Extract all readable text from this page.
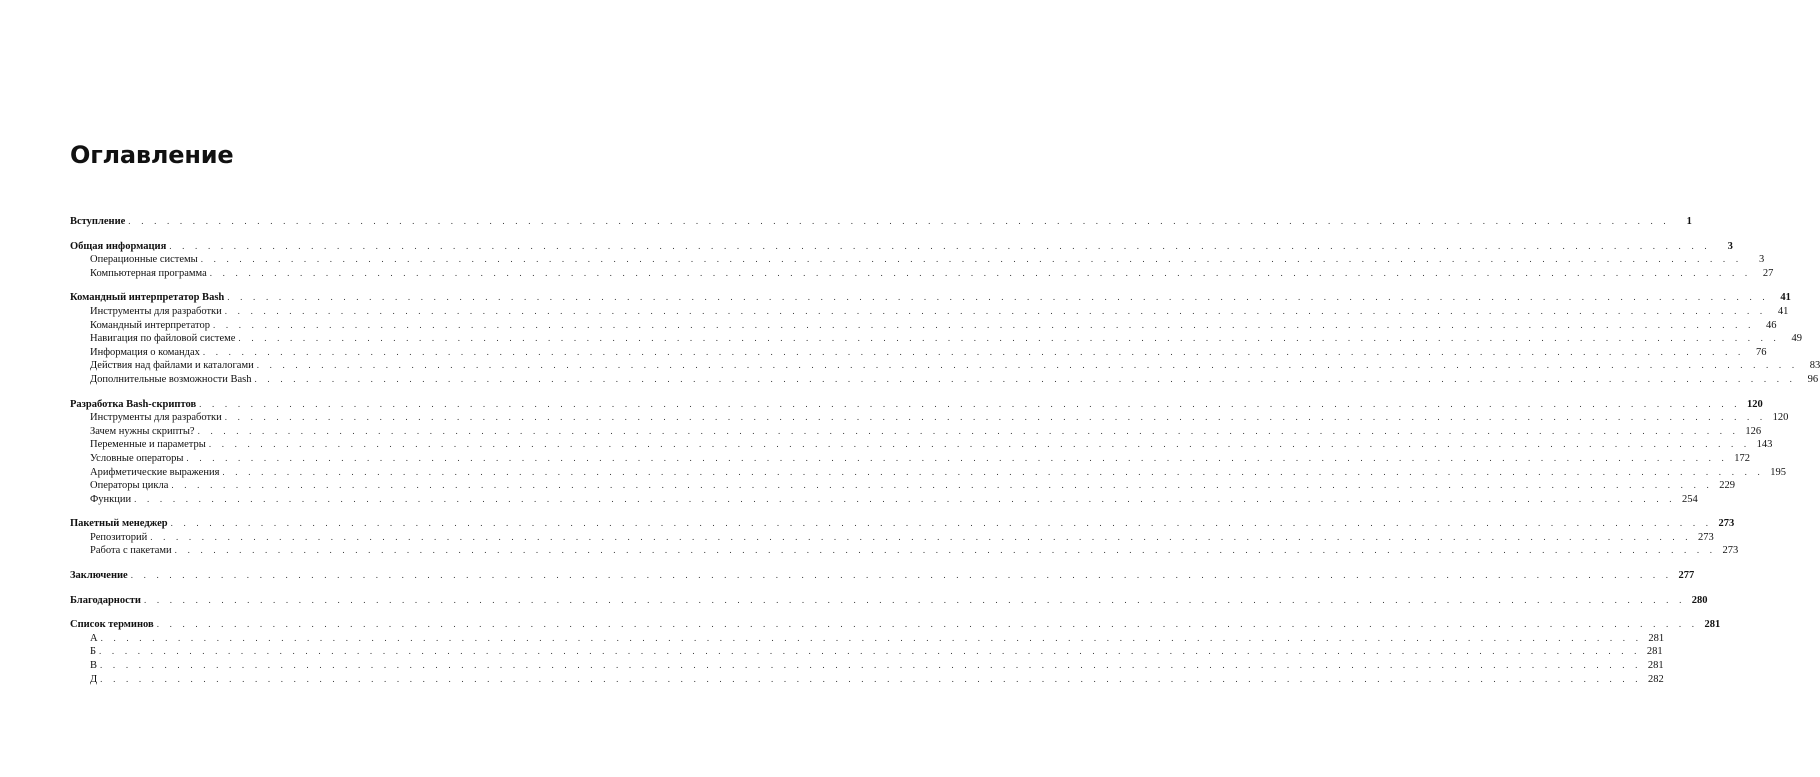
Оглавление
Вступление . . . . . . . . . . . . . . . . . . . . . . . . . . . . . . . . . . . . . . . . . . . . . . . . . . . . . . . . . . . . . . . . . . . . . . . . . . . . . . . . . . . . . . . . . . . . . . . . . . . . . . . . . . . . . . . . . . . . . . . .	1
Общая информация . . . . . . . . . . . . . . . . . . . . . . . . . . . . . . . . . . . . . . . . . . . . . . . . . . . . . . . . . . . . . . . . . . . . . . . . . . . . . . . . . . . . . . . . . . . . . . . . . . . . . . . . . . . . . . . . . . . . . . . .	3
Операционные системы . . . . . . . . . . . . . . . . . . . . . . . . . . . . . . . . . . . . . . . . . . . . . . . . . . . . . . . . . . . . . . . . . . . . . . . . . . . . . . . . . . . . . . . . . . . . . . . . . . . . . . . . . . . . . . . . . . . . . . . .	3
Компьютерная программа . . . . . . . . . . . . . . . . . . . . . . . . . . . . . . . . . . . . . . . . . . . . . . . . . . . . . . . . . . . . . . . . . . . . . . . . . . . . . . . . . . . . . . . . . . . . . . . . . . . . . . . . . . . . . . . . . . . . . . . .	27
Командный интерпретатор Bash . . . . . . . . . . . . . . . . . . . . . . . . . . . . . . . . . . . . . . . . . . . . . . . . . . . . . . . . . . . . . . . . . . . . . . . . . . . . . . . . . . . . . . . . . . . . . . . . . . . . . . . . . . . . . . . . . . . . . . . .	41
Инструменты для разработки . . . . . . . . . . . . . . . . . . . . . . . . . . . . . . . . . . . . . . . . . . . . . . . . . . . . . . . . . . . . . . . . . . . . . . . . . . . . . . . . . . . . . . . . . . . . . . . . . . . . . . . . . . . . . . . . . . . . . . . .	41
Командный интерпретатор . . . . . . . . . . . . . . . . . . . . . . . . . . . . . . . . . . . . . . . . . . . . . . . . . . . . . . . . . . . . . . . . . . . . . . . . . . . . . . . . . . . . . . . . . . . . . . . . . . . . . . . . . . . . . . . . . . . . . . . .	46
Навигация по файловой системе . . . . . . . . . . . . . . . . . . . . . . . . . . . . . . . . . . . . . . . . . . . . . . . . . . . . . . . . . . . . . . . . . . . . . . . . . . . . . . . . . . . . . . . . . . . . . . . . . . . . . . . . . . . . . . . . . . . . . . . .	49
Информация о командах . . . . . . . . . . . . . . . . . . . . . . . . . . . . . . . . . . . . . . . . . . . . . . . . . . . . . . . . . . . . . . . . . . . . . . . . . . . . . . . . . . . . . . . . . . . . . . . . . . . . . . . . . . . . . . . . . . . . . . . .	76
Действия над файлами и каталогами . . . . . . . . . . . . . . . . . . . . . . . . . . . . . . . . . . . . . . . . . . . . . . . . . . . . . . . . . . . . . . . . . . . . . . . . . . . . . . . . . . . . . . . . . . . . . . . . . . . . . . . . . . . . . . . . . . . . . . . .	83
Дополнительные возможности Bash . . . . . . . . . . . . . . . . . . . . . . . . . . . . . . . . . . . . . . . . . . . . . . . . . . . . . . . . . . . . . . . . . . . . . . . . . . . . . . . . . . . . . . . . . . . . . . . . . . . . . . . . . . . . . . . . . . . . . . . .	96
Разработка Bash-скриптов . . . . . . . . . . . . . . . . . . . . . . . . . . . . . . . . . . . . . . . . . . . . . . . . . . . . . . . . . . . . . . . . . . . . . . . . . . . . . . . . . . . . . . . . . . . . . . . . . . . . . . . . . . . . . . . . . . . . . . . . 120
Инструменты для разработки . . . . . . . . . . . . . . . . . . . . . . . . . . . . . . . . . . . . . . . . . . . . . . . . . . . . . . . . . . . . . . . . . . . . . . . . . . . . . . . . . . . . . . . . . . . . . . . . . . . . . . . . . . . . . . . . . . . . . . . . 120
Зачем нужны скрипты? . . . . . . . . . . . . . . . . . . . . . . . . . . . . . . . . . . . . . . . . . . . . . . . . . . . . . . . . . . . . . . . . . . . . . . . . . . . . . . . . . . . . . . . . . . . . . . . . . . . . . . . . . . . . . . . . . . . . . . . . 126
Переменные и параметры . . . . . . . . . . . . . . . . . . . . . . . . . . . . . . . . . . . . . . . . . . . . . . . . . . . . . . . . . . . . . . . . . . . . . . . . . . . . . . . . . . . . . . . . . . . . . . . . . . . . . . . . . . . . . . . . . . . . . . . . 143
Условные операторы . . . . . . . . . . . . . . . . . . . . . . . . . . . . . . . . . . . . . . . . . . . . . . . . . . . . . . . . . . . . . . . . . . . . . . . . . . . . . . . . . . . . . . . . . . . . . . . . . . . . . . . . . . . . . . . . . . . . . . . . 172
Арифметические выражения . . . . . . . . . . . . . . . . . . . . . . . . . . . . . . . . . . . . . . . . . . . . . . . . . . . . . . . . . . . . . . . . . . . . . . . . . . . . . . . . . . . . . . . . . . . . . . . . . . . . . . . . . . . . . . . . . . . . . . . . 195
Операторы цикла . . . . . . . . . . . . . . . . . . . . . . . . . . . . . . . . . . . . . . . . . . . . . . . . . . . . . . . . . . . . . . . . . . . . . . . . . . . . . . . . . . . . . . . . . . . . . . . . . . . . . . . . . . . . . . . . . . . . . . . . 229
Функции . . . . . . . . . . . . . . . . . . . . . . . . . . . . . . . . . . . . . . . . . . . . . . . . . . . . . . . . . . . . . . . . . . . . . . . . . . . . . . . . . . . . . . . . . . . . . . . . . . . . . . . . . . . . . . . . . . . . . . . . 254
Пакетный менеджер . . . . . . . . . . . . . . . . . . . . . . . . . . . . . . . . . . . . . . . . . . . . . . . . . . . . . . . . . . . . . . . . . . . . . . . . . . . . . . . . . . . . . . . . . . . . . . . . . . . . . . . . . . . . . . . . . . . . . . . . 273
Репозиторий . . . . . . . . . . . . . . . . . . . . . . . . . . . . . . . . . . . . . . . . . . . . . . . . . . . . . . . . . . . . . . . . . . . . . . . . . . . . . . . . . . . . . . . . . . . . . . . . . . . . . . . . . . . . . . . . . . . . . . . . 273
Работа с пакетами . . . . . . . . . . . . . . . . . . . . . . . . . . . . . . . . . . . . . . . . . . . . . . . . . . . . . . . . . . . . . . . . . . . . . . . . . . . . . . . . . . . . . . . . . . . . . . . . . . . . . . . . . . . . . . . . . . . . . . . . 273
Заключение . . . . . . . . . . . . . . . . . . . . . . . . . . . . . . . . . . . . . . . . . . . . . . . . . . . . . . . . . . . . . . . . . . . . . . . . . . . . . . . . . . . . . . . . . . . . . . . . . . . . . . . . . . . . . . . . . . . . . . . . 277
Благодарности . . . . . . . . . . . . . . . . . . . . . . . . . . . . . . . . . . . . . . . . . . . . . . . . . . . . . . . . . . . . . . . . . . . . . . . . . . . . . . . . . . . . . . . . . . . . . . . . . . . . . . . . . . . . . . . . . . . . . . . . 280
Список терминов . . . . . . . . . . . . . . . . . . . . . . . . . . . . . . . . . . . . . . . . . . . . . . . . . . . . . . . . . . . . . . . . . . . . . . . . . . . . . . . . . . . . . . . . . . . . . . . . . . . . . . . . . . . . . . . . . . . . . . . . 281
А . . . . . . . . . . . . . . . . . . . . . . . . . . . . . . . . . . . . . . . . . . . . . . . . . . . . . . . . . . . . . . . . . . . . . . . . . . . . . . . . . . . . . . . . . . . . . . . . . . . . . . . . . . . . . . . . . . . . . . . . 281
Б . . . . . . . . . . . . . . . . . . . . . . . . . . . . . . . . . . . . . . . . . . . . . . . . . . . . . . . . . . . . . . . . . . . . . . . . . . . . . . . . . . . . . . . . . . . . . . . . . . . . . . . . . . . . . . . . . . . . . . . . 281
В . . . . . . . . . . . . . . . . . . . . . . . . . . . . . . . . . . . . . . . . . . . . . . . . . . . . . . . . . . . . . . . . . . . . . . . . . . . . . . . . . . . . . . . . . . . . . . . . . . . . . . . . . . . . . . . . . . . . . . . . 281
Д . . . . . . . . . . . . . . . . . . . . . . . . . . . . . . . . . . . . . . . . . . . . . . . . . . . . . . . . . . . . . . . . . . . . . . . . . . . . . . . . . . . . . . . . . . . . . . . . . . . . . . . . . . . . . . . . . . . . . . . . 282
